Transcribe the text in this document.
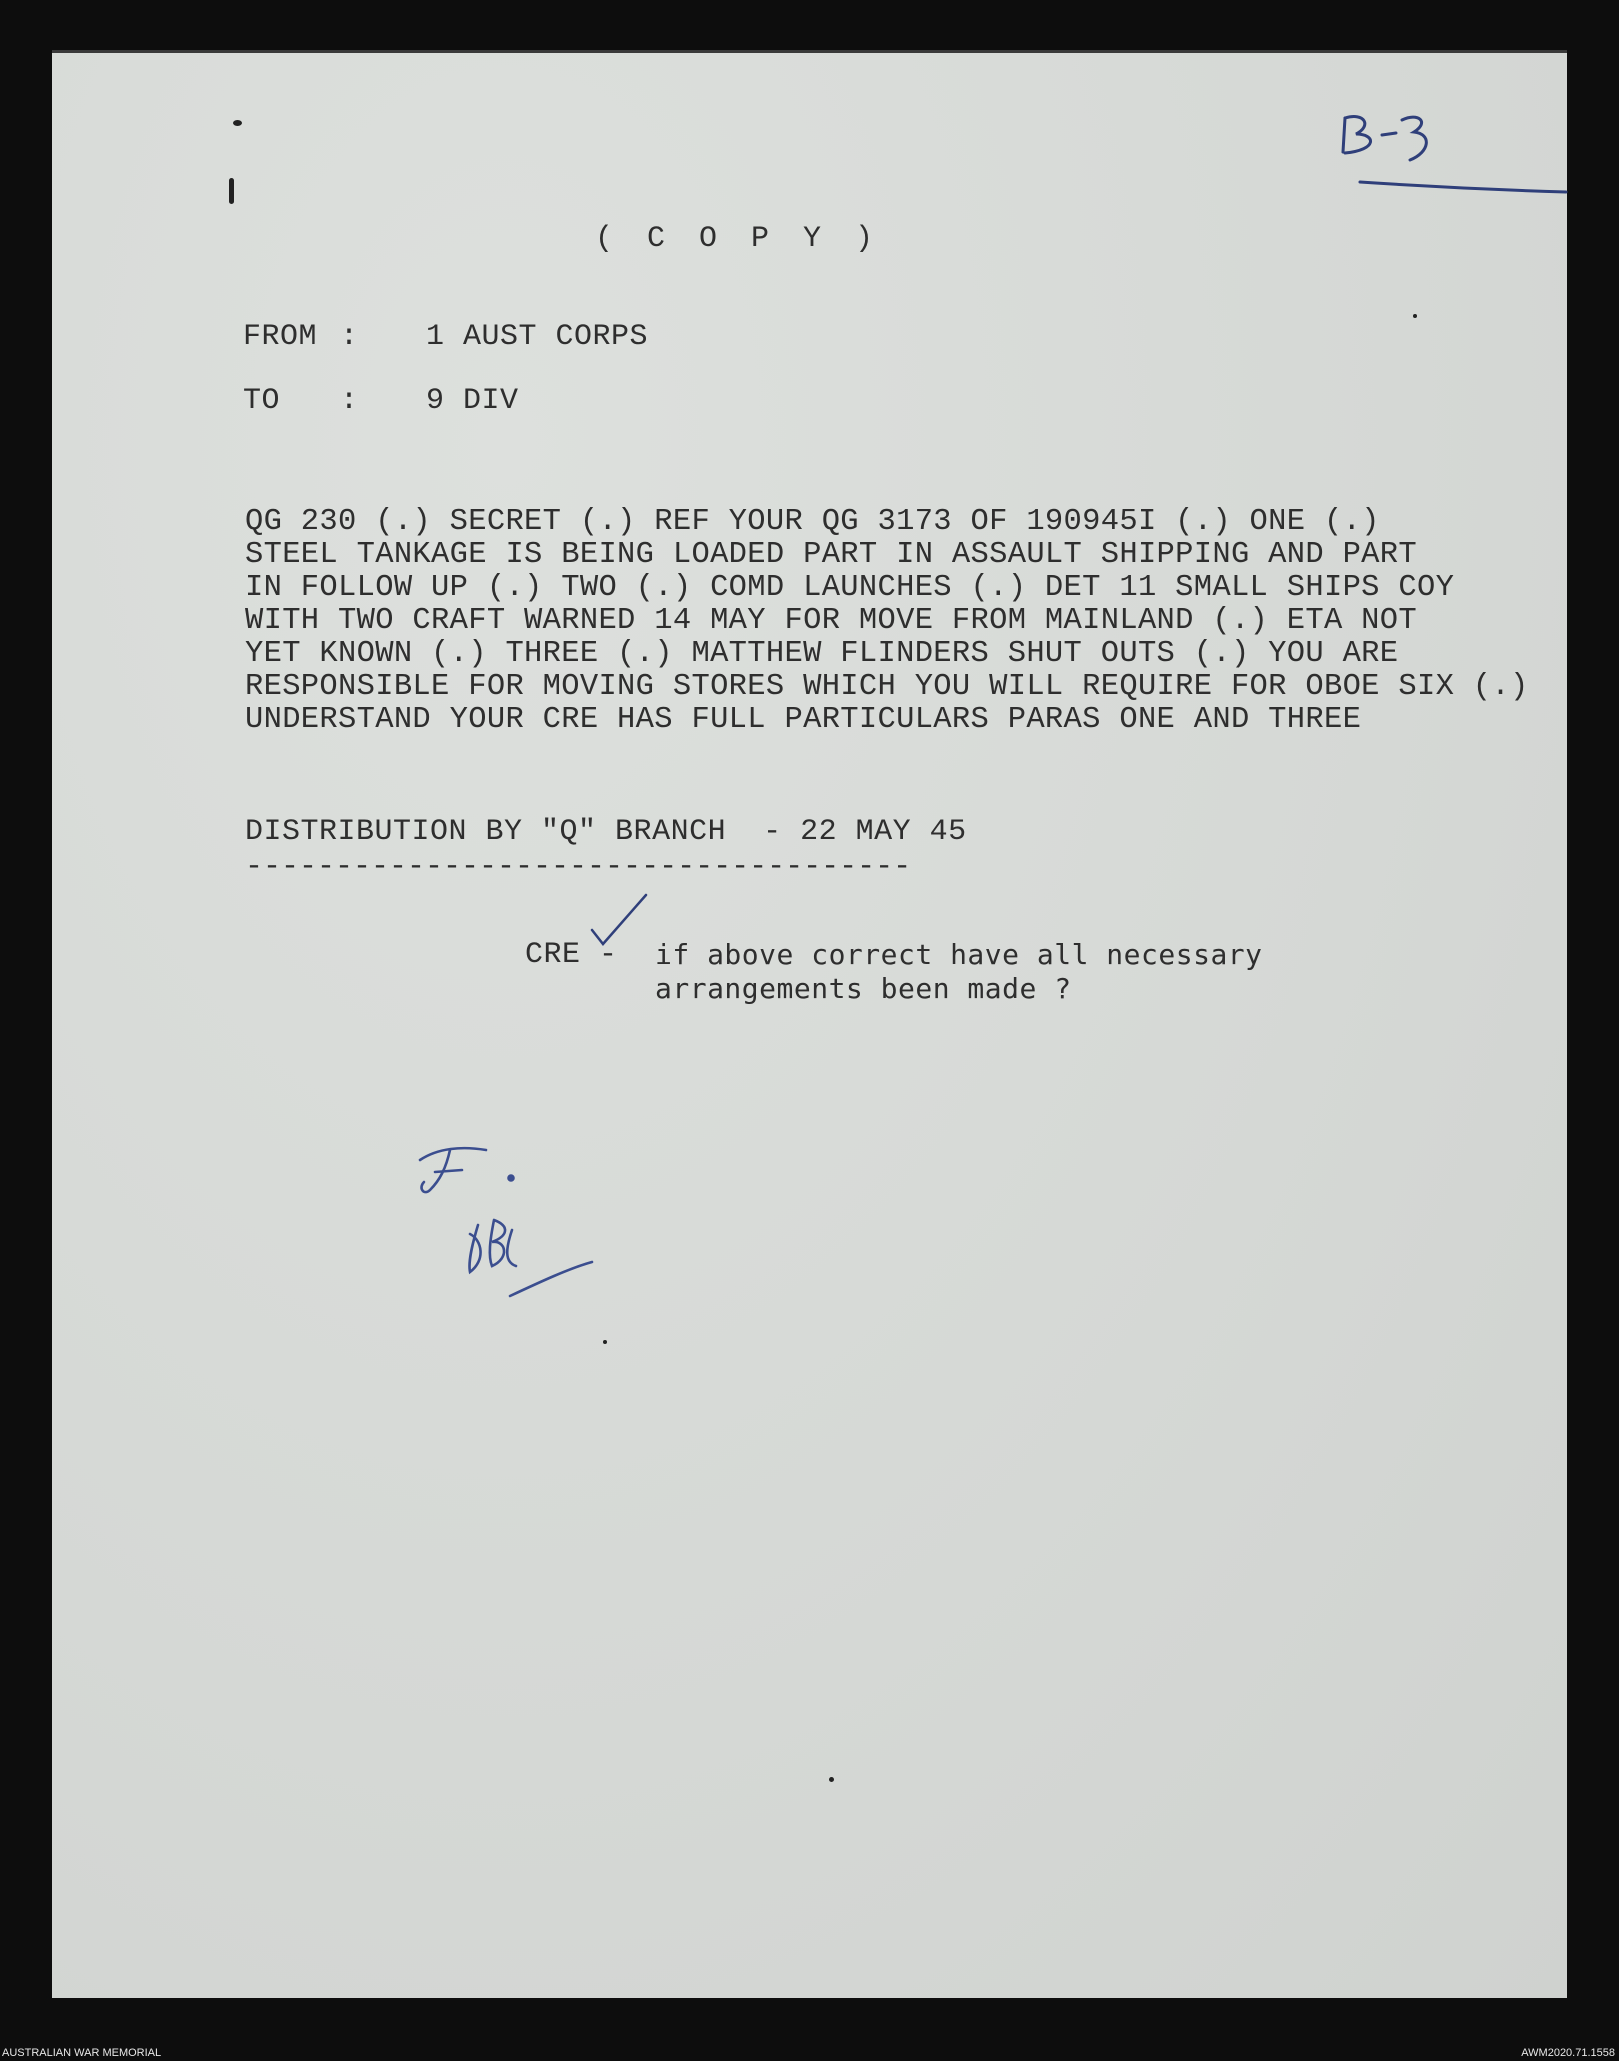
( C O P Y )
FROM : 1 AUST CORPS
TO : 9 DIV
QG 230 (.) SECRET (.) REF YOUR QG 3173 OF 190945I (.) ONE (.)
STEEL TANKAGE IS BEING LOADED PART IN ASSAULT SHIPPING AND PART
IN FOLLOW UP (.) TWO (.) COMD LAUNCHES (.) DET 11 SMALL SHIPS COY
WITH TWO CRAFT WARNED 14 MAY FOR MOVE FROM MAINLAND (.) ETA NOT
YET KNOWN (.) THREE (.) MATTHEW FLINDERS SHUT OUTS (.) YOU ARE
RESPONSIBLE FOR MOVING STORES WHICH YOU WILL REQUIRE FOR OBOE SIX (.)
UNDERSTAND YOUR CRE HAS FULL PARTICULARS PARAS ONE AND THREE
DISTRIBUTION BY "Q" BRANCH  - 22 MAY 45
-------------------------------------
CRE - if above correct have all necessary
arrangements been made ?
AUSTRALIAN WAR MEMORIAL	AWM2020.71.1558
